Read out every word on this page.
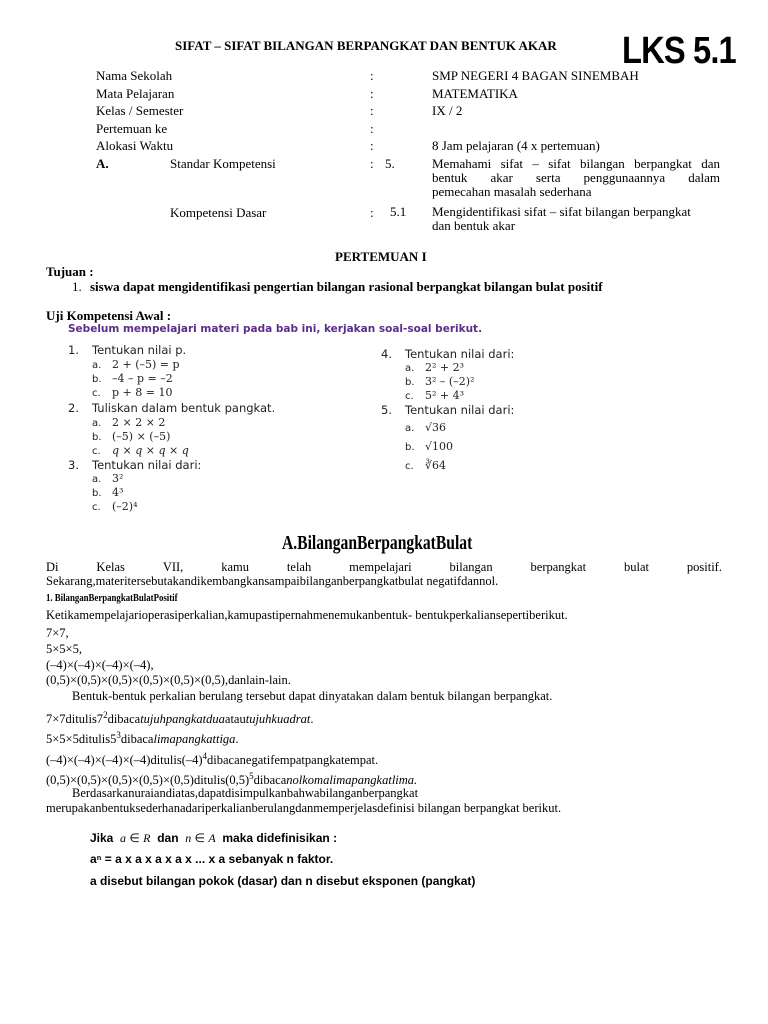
SIFAT – SIFAT BILANGAN BERPANGKAT DAN BENTUK AKAR LKS 5.1
Nama Sekolah	:	SMP NEGERI 4 BAGAN SINEMBAH
Mata Pelajaran	:	MATEMATIKA
Kelas / Semester	:	IX / 2
Pertemuan ke	:
Alokasi Waktu	:	8 Jam pelajaran (4 x pertemuan)
A.	Standar Kompetensi	: 5.	Memahami sifat – sifat bilangan berpangkat dan
bentuk akar serta penggunaannya dalam
pemecahan masalah sederhana
Kompetensi Dasar	: 5.1 Mengidentifikasi sifat – sifat bilangan berpangkat
dan bentuk akar
PERTEMUAN I
Tujuan :
1. siswa dapat mengidentifikasi pengertian bilangan rasional berpangkat bilangan bulat positif
Uji Kompetensi Awal :
Sebelum mempelajari materi pada bab ini, kerjakan soal-soal berikut.
1. Tentukan nilai p.
a. 2 + (–5) = p
b. –4 – p = –2
c. p + 8 = 10
2. Tuliskan dalam bentuk pangkat.
a. 2 × 2 × 2
b. (–5) × (–5)
c. q × q × q × q
3. Tentukan nilai dari:
a. 3²
b. 4³
c. (–2)⁴
4. Tentukan nilai dari:
a. 2² + 2³
b. 3² – (–2)²
c. 5² + 4³
5. Tentukan nilai dari:
a. √36
b. √100
c. ∛64
A.BilanganBerpangkatBulat
Di	Kelas	VII,	kamu	telah	mempelajari	bilangan	berpangkat	bulat	positif.
Sekarang,materitersebutakandikembangkansampaibilanganberpangkatbulat negatifdannol.
1. BilanganBerpangkatBulatPositif
Ketikamempelajarioperasiperkalian,kamupastipernahmenemukanbentuk- bentukperkaliansepertiberikut.
7×7,
5×5×5,
(–4)×(–4)×(–4)×(–4),
(0,5)×(0,5)×(0,5)×(0,5)×(0,5)×(0,5),danlain-lain.
Bentuk-bentuk perkalian berulang tersebut dapat dinyatakan dalam bentuk bilangan berpangkat.
$7\times 7ditulis7^2dibacatujuhpangkatduaatautujuhkuadrat$.
$5\times 5\times 5ditulis5^3dibacalimapangkattiga$.
$(-4)\times(-4)\times(-4)\times(-4)ditulis(-4)^4dibacanegatifempatpangkatempat$.
$(0,5)\times(0,5)\times(0,5)\times(0,5)\times(0,5)ditulis(0,5)^5dibacanolkomalimapangkatlima$.
Berdasarkanuraiandiatas,dapatdisimpulkanbahwabilanganberpangkat
merupakanbentuksederhanadariperkalianberulangdanmemperjelasdefinisi bilangan berpangkat berikut.
Jika a ∈ R dan n ∈ A maka didefinisikan :
aⁿ = a x a x a x a x ... x a sebanyak n faktor.
a disebut bilangan pokok (dasar) dan n disebut eksponen (pangkat)
